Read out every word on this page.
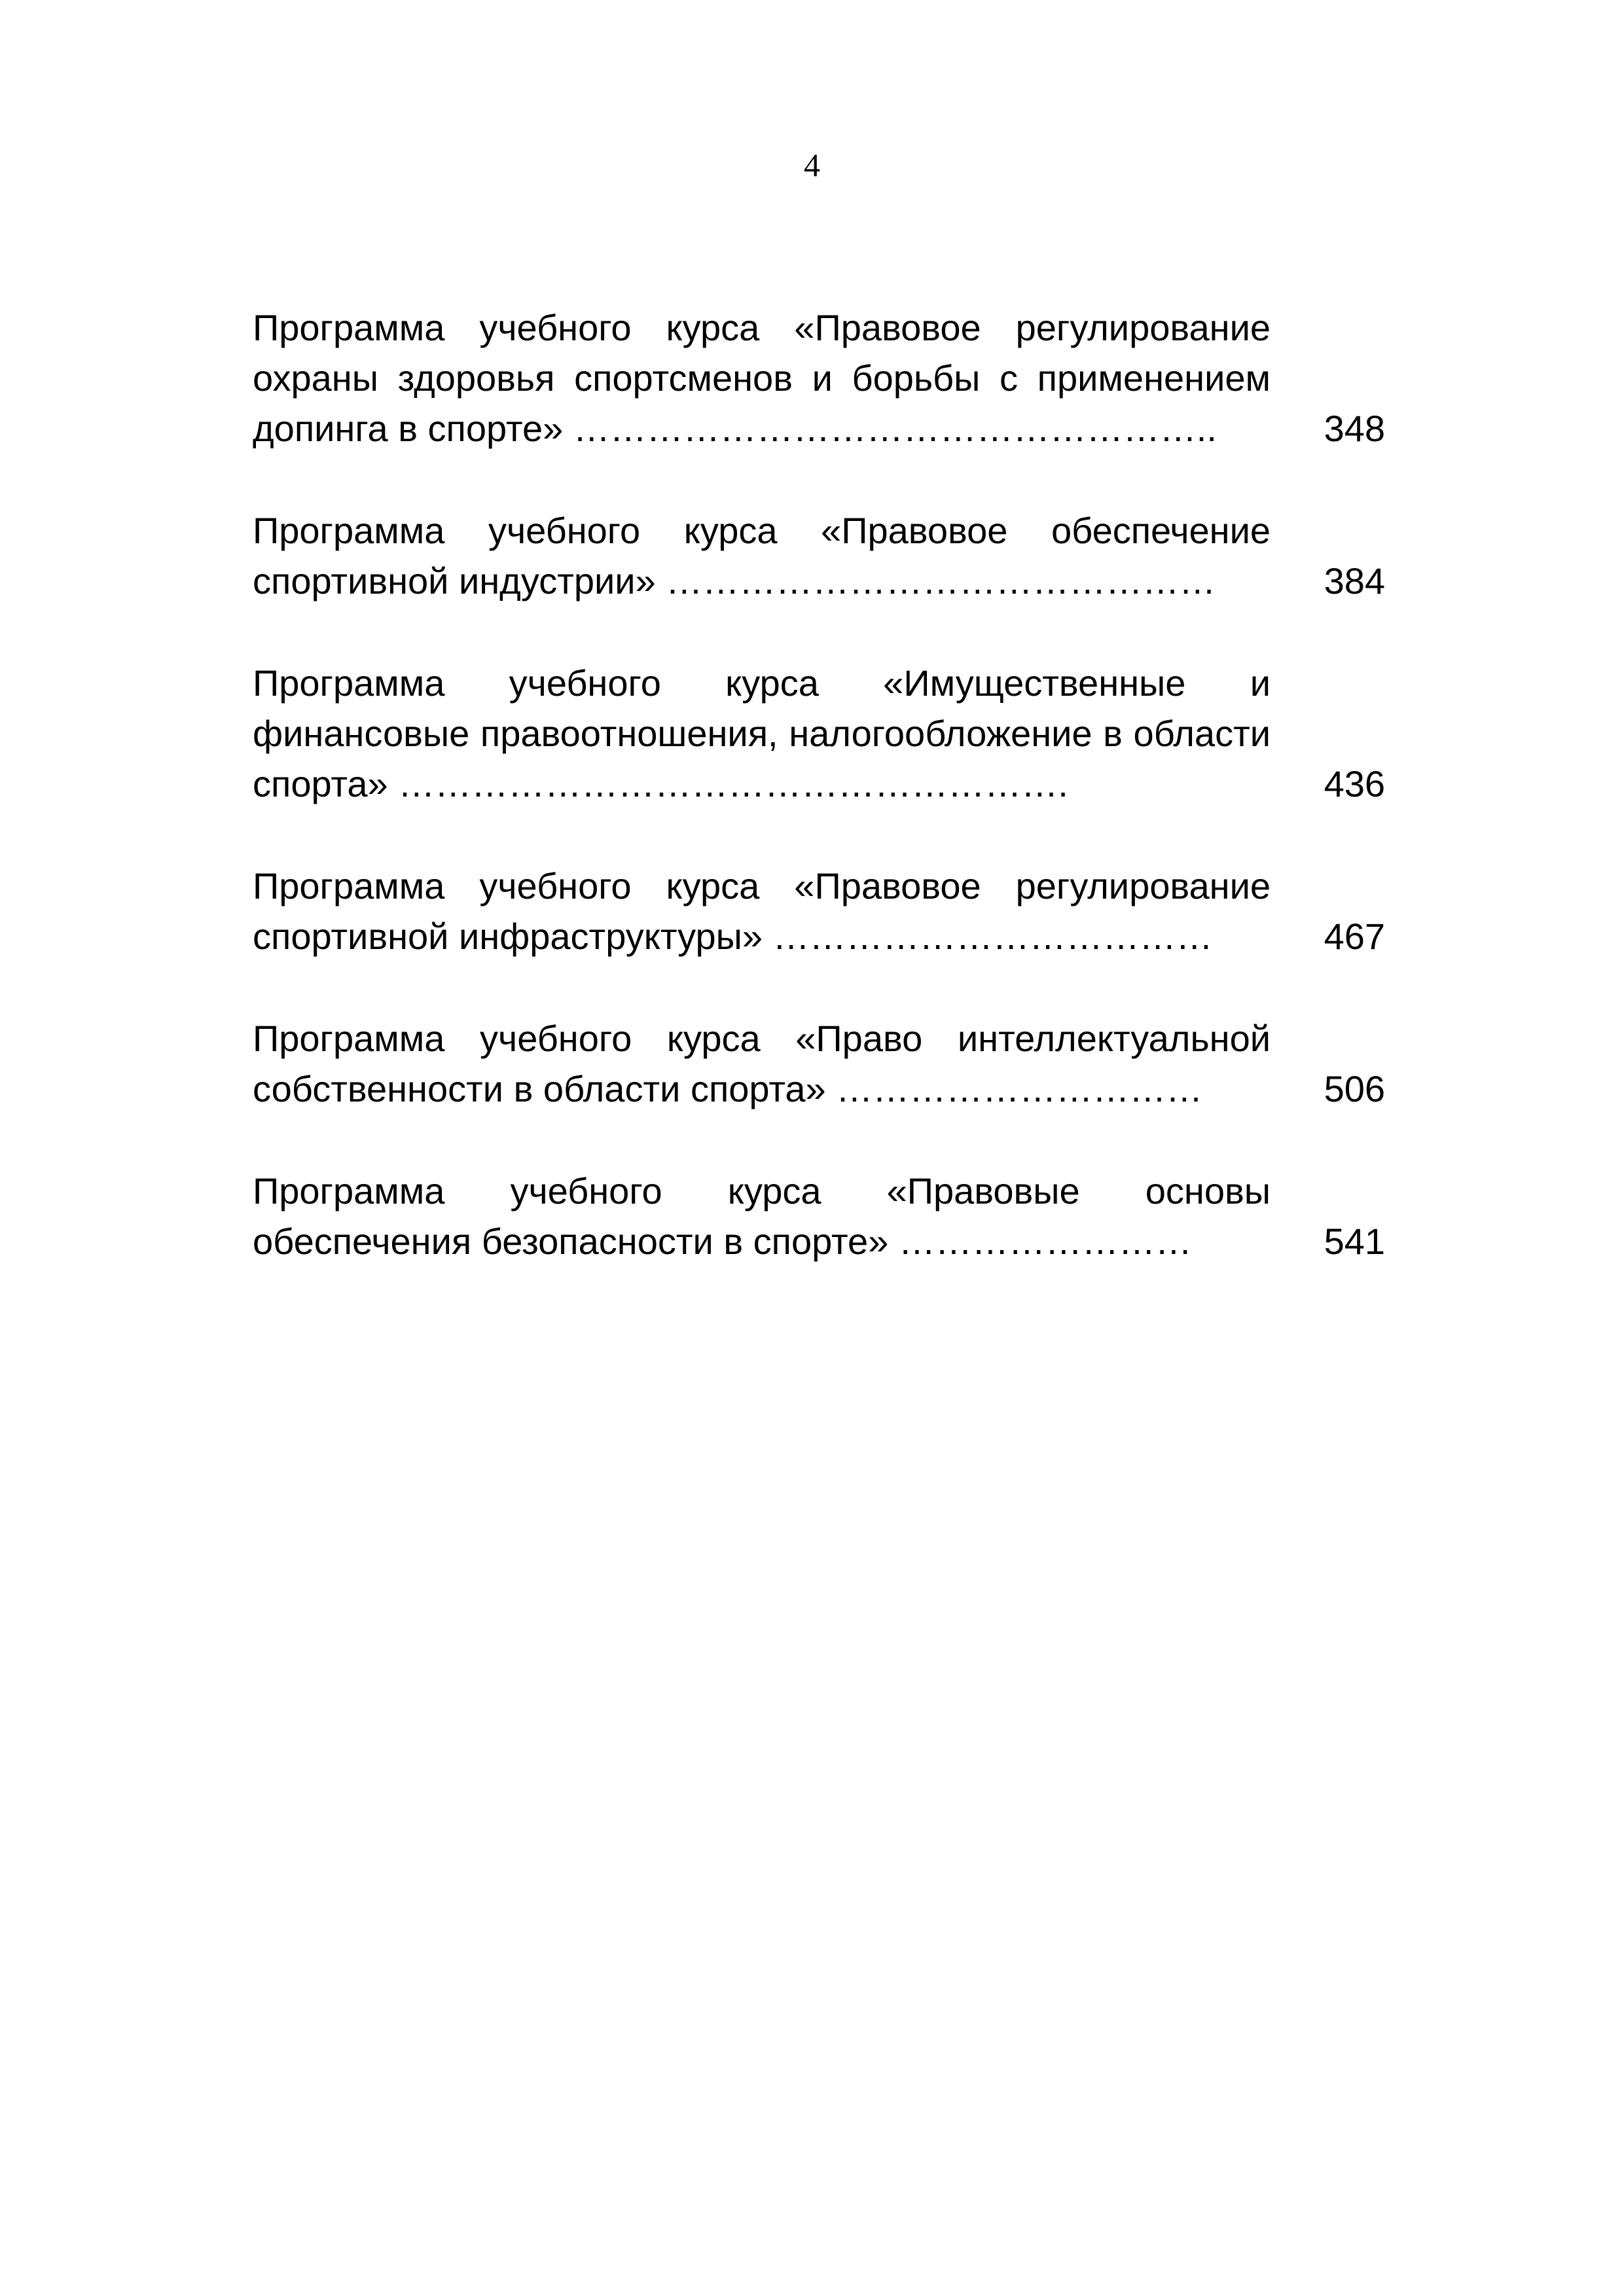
4
Программа учебного курса «Правовое регулирование охраны здоровья спортсменов и борьбы с применением допинга в спорте» ……………………………………………..	348
Программа учебного курса «Правовое обеспечение спортивной индустрии» ………………………………………	384
Программа учебного курса «Имущественные и финансовые правоотношения, налогообложение в области спорта» ……………………………………………….	436
Программа учебного курса «Правовое регулирование спортивной инфраструктуры» ………………………………	467
Программа учебного курса «Право интеллектуальной собственности в области спорта» …………………………	506
Программа учебного курса «Правовые основы обеспечения безопасности в спорте» ……………………	541
